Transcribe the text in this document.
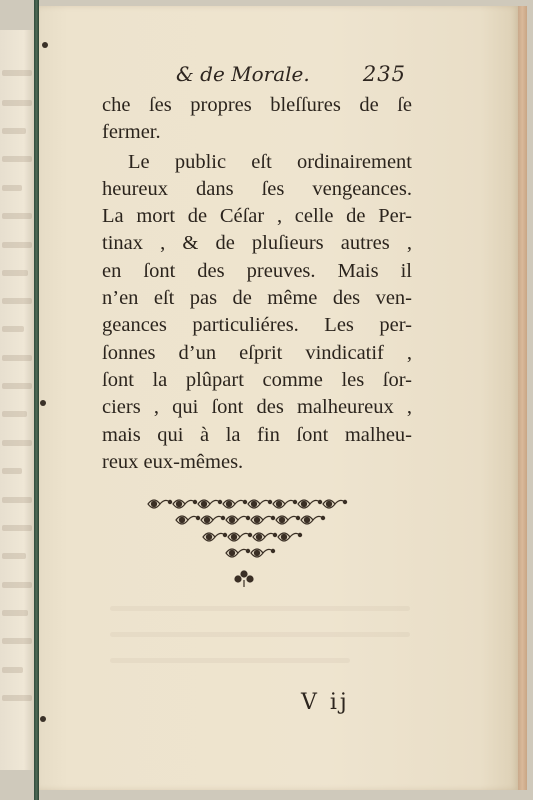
& de Morale.	235
che ſes propres bleſſures de ſe
fermer.
Le public eſt ordinairement
heureux dans ſes vengeances.
La mort de Céſar , celle de Per-
tinax , & de pluſieurs autres ,
en ſont des preuves. Mais il
n’en eſt pas de même des ven-
geances particuliéres. Les per-
ſonnes d’un eſprit vindicatif ,
ſont la plûpart comme les ſor-
ciers , qui ſont des malheureux ,
mais qui à la fin ſont malheu-
reux eux-mêmes.
V ij
